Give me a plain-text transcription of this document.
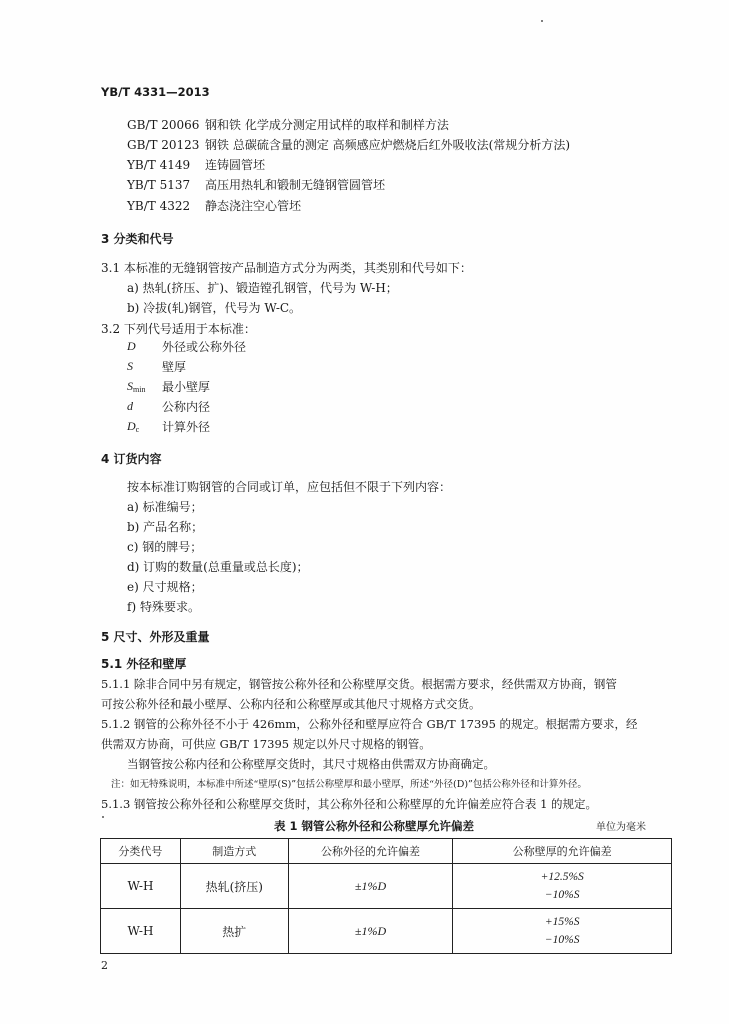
YB/T 4331—2013
GB/T 20066 钢和铁 化学成分测定用试样的取样和制样方法
GB/T 20123 钢铁 总碳硫含量的测定 高频感应炉燃烧后红外吸收法(常规分析方法)
YB/T 4149 连铸圆管坯
YB/T 5137 高压用热轧和锻制无缝钢管圆管坯
YB/T 4322 静态浇注空心管坯
3 分类和代号
3.1 本标准的无缝钢管按产品制造方式分为两类，其类别和代号如下：
a) 热轧(挤压、扩)、锻造镗孔钢管，代号为 W-H；
b) 冷拔(轧)钢管，代号为 W-C。
3.2 下列代号适用于本标准：
D 外径或公称外径
S 壁厚
$S_{min}$ 最小壁厚
d 公称内径
$D_c$ 计算外径
4 订货内容
按本标准订购钢管的合同或订单，应包括但不限于下列内容：
a) 标准编号；
b) 产品名称；
c) 钢的牌号；
d) 订购的数量(总重量或总长度)；
e) 尺寸规格；
f) 特殊要求。
5 尺寸、外形及重量
5.1 外径和壁厚
5.1.1 除非合同中另有规定，钢管按公称外径和公称壁厚交货。根据需方要求，经供需双方协商，钢管
可按公称外径和最小壁厚、公称内径和公称壁厚或其他尺寸规格方式交货。
5.1.2 钢管的公称外径不小于 426mm，公称外径和壁厚应符合 GB/T 17395 的规定。根据需方要求，经
供需双方协商，可供应 GB/T 17395 规定以外尺寸规格的钢管。
当钢管按公称内径和公称壁厚交货时，其尺寸规格由供需双方协商确定。
注：如无特殊说明，本标准中所述“壁厚(S)”包括公称壁厚和最小壁厚，所述“外径(D)”包括公称外径和计算外径。
5.1.3 钢管按公称外径和公称壁厚交货时，其公称外径和公称壁厚的允许偏差应符合表 1 的规定。
表 1 钢管公称外径和公称壁厚允许偏差	单位为毫米
分类代号	制造方式	公称外径的允许偏差	公称壁厚的允许偏差
W-H	热轧(挤压)	±1%D	+12.5%S
−10%S

W-H	热扩	±1%D	+15%S
−10%S
2
